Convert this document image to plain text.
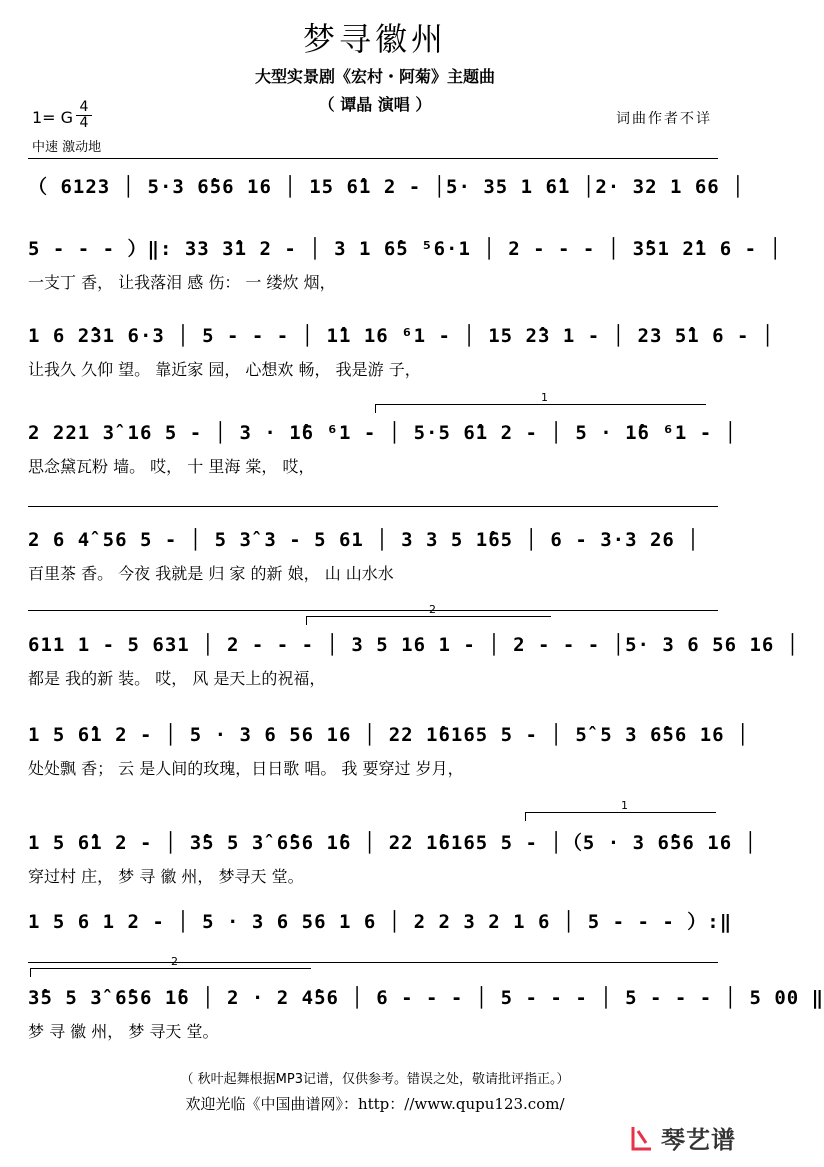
梦寻徽州
大型实景剧《宏村・阿菊》主题曲
（ 谭晶 演唱 ）
1= G
4
4	词曲作者不详
中速 激动地
（ 6123 │ 5·3 6̂56 16 │ 15 6̂1 2 - │5· 35 1 6̂1 │2· 32 1 66 │
5 - - - ）‖: 33 3̂1 2 - │ 3 1 6̂5 ⁵6·1 │ 2 - - - │ 3̂51 2̂1 6 - │
一支丁 香， 让我落泪 感 伤： 一 缕炊 烟，
1 6 2̂31 6·3 │ 5 - - - │ 1̂1 16 ⁶1 - │ 15 2̂3 1 - │ 23 5̂1 6 - │
让我久 久仰 望。 靠近家 园， 心想欢 畅， 我是游 子，
2 221 3̂ 16 5 - │ 3 · 1̂6 ⁶1 - │ 5·5 6̂1 2 - │ 5 · 1̂6 ⁶1 - │
思念黛瓦粉 墙。 哎， 十 里海 棠， 哎，
2 6 4̂ 56 5 - │ 5 3̂ 3 - 5 61 │ 3 3 5 1̂65 │ 6 - 3·3 26 │
百里茶 香。 今夜 我就是 归 家 的新 娘， 山 山水水
611 1 - 5 631 │ 2 - - - │ 3 5 16 1 - │ 2 - - - │5· 3 6 56 16 │
都是 我的新 装。 哎， 风 是天上的祝福，
1 5 6̂1 2 - │ 5 · 3 6 56 16 │ 22 1̂6165 5 - │ 5̂ 5 3 6̂56 16 │
处处飘 香； 云 是人间的玫瑰，日日歌 唱。 我 要穿过 岁月，
1 5 6̂1 2 - │ 3̂5 5 3̂ 6̂56 1̂6 │ 22 1̂6165 5 - │（5 · 3 6̂56 16 │
穿过村 庄， 梦 寻 徽 州， 梦寻天 堂。
1 5 6 1 2 - │ 5 · 3 6 56 1 6 │ 2 2 3 2 1 6 │ 5 - - - ）:‖
3̂5 5 3̂ 6̂56 1̂6 │ 2 · 2 4̂56 │ 6 - - - │ 5 - - - │ 5 - - - │ 5 00 ‖
梦 寻 徽 州， 梦 寻天 堂。
1
2
1
2
（ 秋叶起舞根据MP3记谱，仅供参考。错误之处，敬请批评指正。）
欢迎光临《中国曲谱网》：http：//www.qupu123.com/
琴艺谱
